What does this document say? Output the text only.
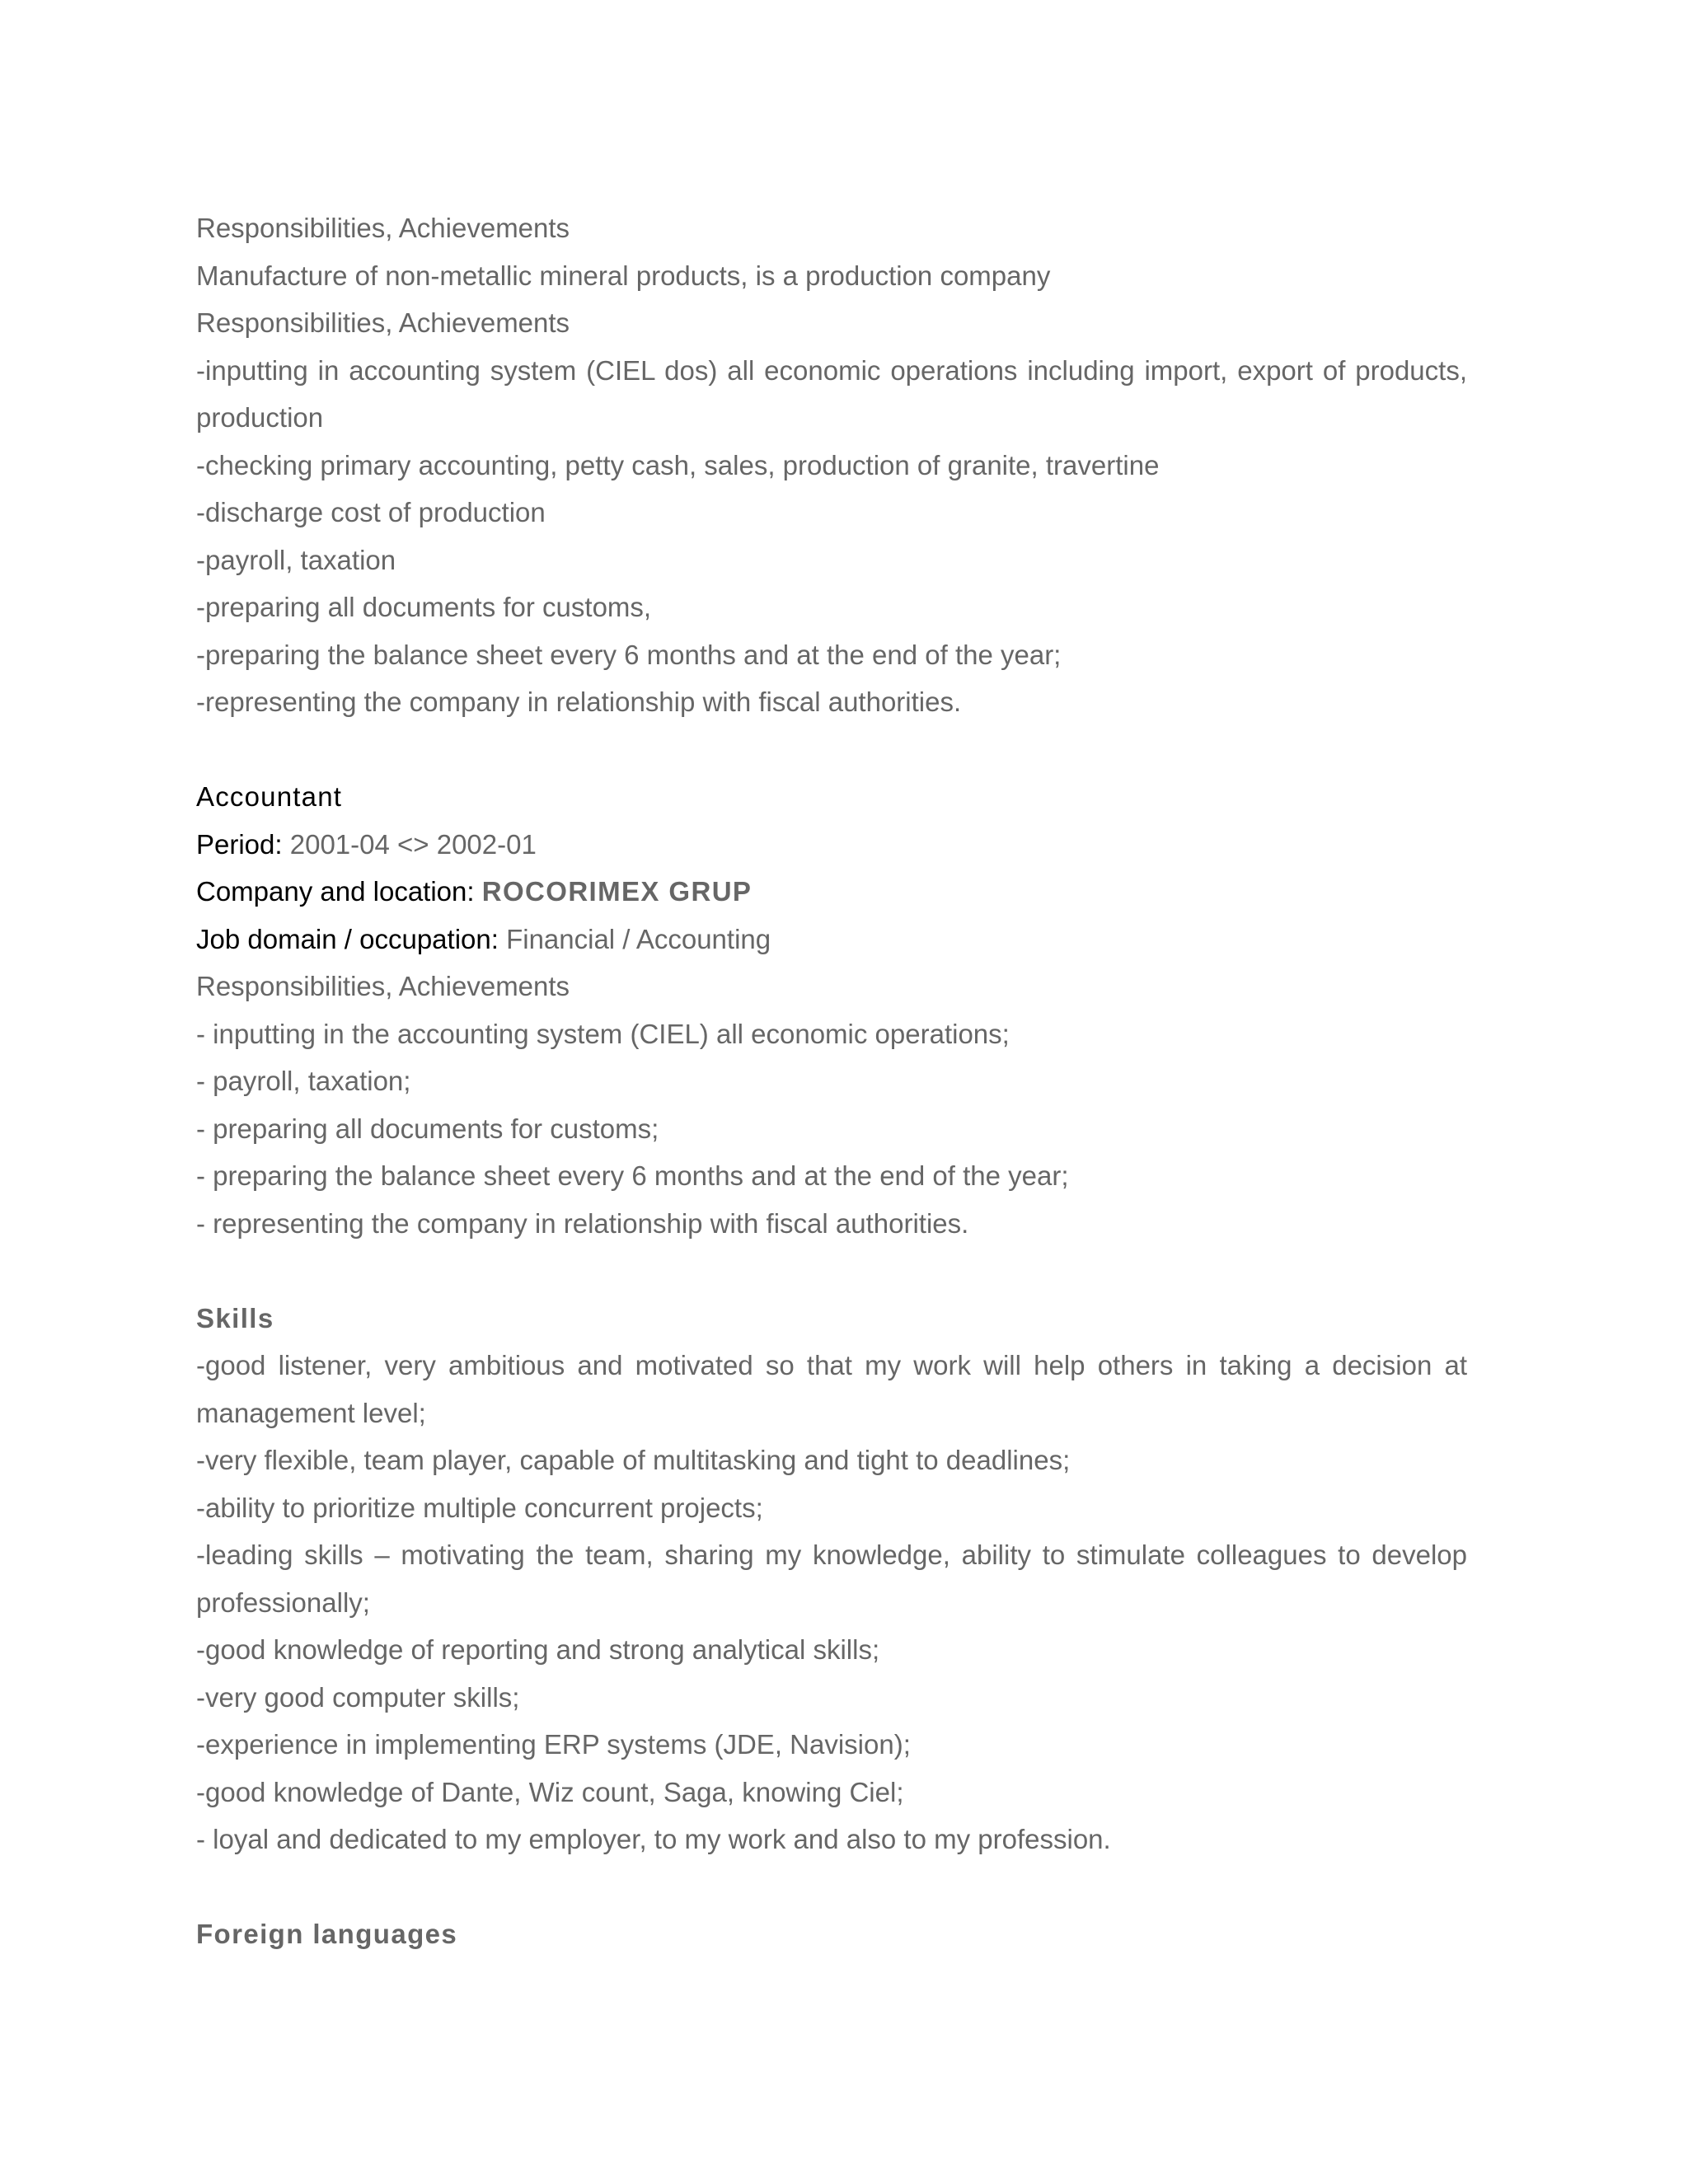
Responsibilities, Achievements

Manufacture of non-metallic mineral products, is a production company

Responsibilities, Achievements

-inputting in accounting system (CIEL dos) all economic operations including import, export of products, production

-checking primary accounting, petty cash, sales, production of granite, travertine

-discharge cost of production

-payroll, taxation

-preparing all documents for customs,

-preparing the balance sheet every 6 months and at the end of the year;

-representing the company in relationship with fiscal authorities.

Accountant

Period: 2001-04 <> 2002-01

Company and location: ROCORIMEX GRUP

Job domain / occupation: Financial / Accounting

Responsibilities, Achievements

- inputting in the accounting system (CIEL) all economic operations;

- payroll, taxation;

- preparing all documents for customs;

- preparing the balance sheet every 6 months and at the end of the year;

- representing the company in relationship with fiscal authorities.

Skills

-good listener, very ambitious and motivated so that my work will help others in taking a decision at management level;

-very flexible, team player, capable of multitasking and tight to deadlines;

-ability to prioritize multiple concurrent projects;

-leading skills – motivating the team, sharing my knowledge, ability to stimulate colleagues to develop professionally;

-good knowledge of reporting and strong analytical skills;

-very good computer skills;

-experience in implementing ERP systems (JDE, Navision);

-good knowledge of Dante, Wiz count, Saga, knowing Ciel;

- loyal and dedicated to my employer, to my work and also to my profession.

Foreign languages
